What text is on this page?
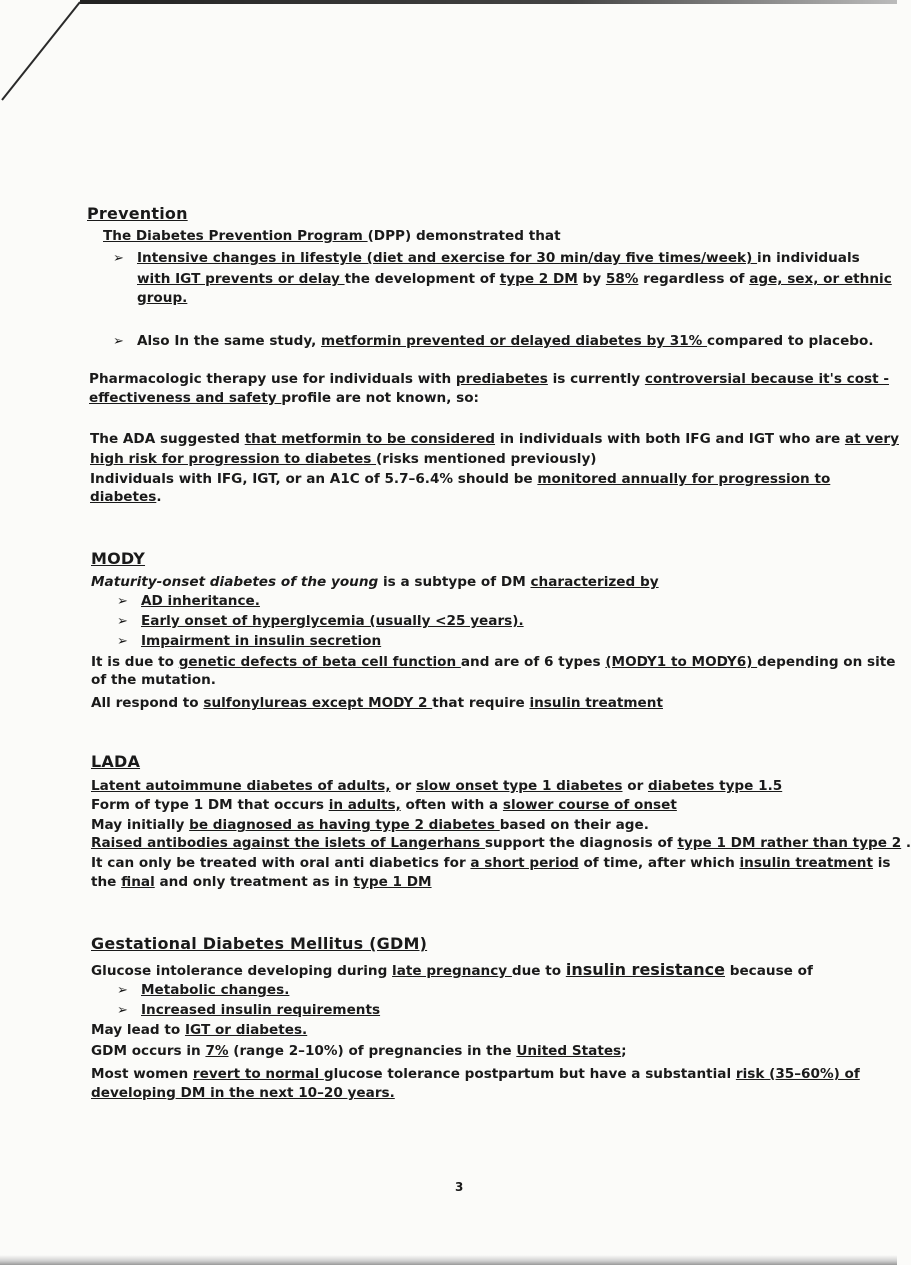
Prevention
The Diabetes Prevention Program (DPP) demonstrated that
➢ Intensive changes in lifestyle (diet and exercise for 30 min/day five times/week) in individuals
with IGT prevents or delay the development of type 2 DM by 58% regardless of age, sex, or ethnic
group.
➢ Also In the same study, metformin prevented or delayed diabetes by 31% compared to placebo.
Pharmacologic therapy use for individuals with prediabetes is currently controversial because it's cost -
effectiveness and safety profile are not known, so:
The ADA suggested that metformin to be considered in individuals with both IFG and IGT who are at very
high risk for progression to diabetes (risks mentioned previously)
Individuals with IFG, IGT, or an A1C of 5.7–6.4% should be monitored annually for progression to
diabetes.
MODY
Maturity-onset diabetes of the young is a subtype of DM characterized by
➢ AD inheritance.
➢ Early onset of hyperglycemia (usually <25 years).
➢ Impairment in insulin secretion
It is due to genetic defects of beta cell function and are of 6 types (MODY1 to MODY6) depending on site
of the mutation.
All respond to sulfonylureas except MODY 2 that require insulin treatment
LADA
Latent autoimmune diabetes of adults, or slow onset type 1 diabetes or diabetes type 1.5
Form of type 1 DM that occurs in adults, often with a slower course of onset
May initially be diagnosed as having type 2 diabetes based on their age.
Raised antibodies against the islets of Langerhans support the diagnosis of type 1 DM rather than type 2 .
It can only be treated with oral anti diabetics for a short period of time, after which insulin treatment is
the final and only treatment as in type 1 DM
Gestational Diabetes Mellitus (GDM)
Glucose intolerance developing during late pregnancy due to insulin resistance because of
➢ Metabolic changes.
➢ Increased insulin requirements
May lead to IGT or diabetes.
GDM occurs in 7% (range 2–10%) of pregnancies in the United States;
Most women revert to normal glucose tolerance postpartum but have a substantial risk (35–60%) of
developing DM in the next 10–20 years.
3
